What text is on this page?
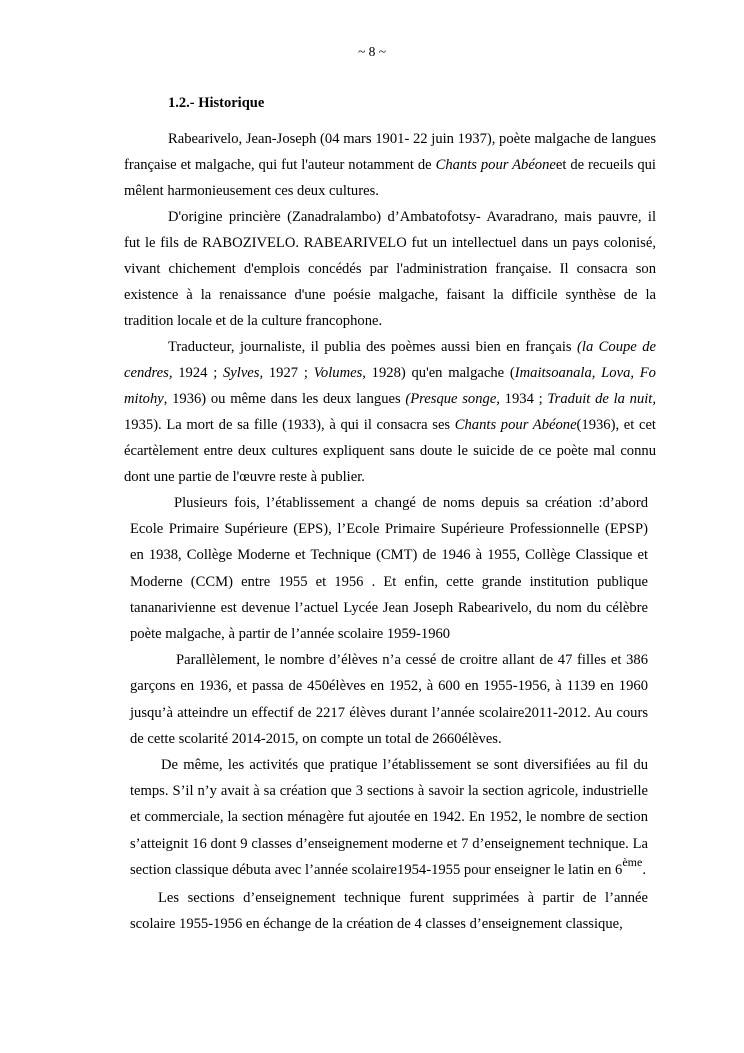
~ 8 ~
1.2.- Historique

Rabearivelo, Jean-Joseph (04 mars 1901- 22 juin 1937), poète malgache de langues française et malgache, qui fut l'auteur notamment de Chants pour Abéoneet de recueils qui mêlent harmonieusement ces deux cultures.

D'origine princière (Zanadralambo) d’Ambatofotsy- Avaradrano, mais pauvre, il fut le fils de RABOZIVELO. RABEARIVELO fut un intellectuel dans un pays colonisé, vivant chichement d'emplois concédés par l'administration française. Il consacra son existence à la renaissance d'une poésie malgache, faisant la difficile synthèse de la tradition locale et de la culture francophone.

Traducteur, journaliste, il publia des poèmes aussi bien en français (la Coupe de cendres, 1924 ; Sylves, 1927 ; Volumes, 1928) qu'en malgache (Imaitsoanala, Lova, Fo mitohy, 1936) ou même dans les deux langues (Presque songe, 1934 ; Traduit de la nuit, 1935). La mort de sa fille (1933), à qui il consacra ses Chants pour Abéone(1936), et cet écartèlement entre deux cultures expliquent sans doute le suicide de ce poète mal connu dont une partie de l'œuvre reste à publier.

Plusieurs fois, l’établissement a changé de noms depuis sa création :d’abord Ecole Primaire Supérieure (EPS), l’Ecole Primaire Supérieure Professionnelle (EPSP) en 1938, Collège Moderne et Technique (CMT) de 1946 à 1955, Collège Classique et Moderne (CCM) entre 1955 et 1956 . Et enfin, cette grande institution publique tananarivienne est devenue l’actuel Lycée Jean Joseph Rabearivelo, du nom du célèbre poète malgache, à partir de l’année scolaire 1959-1960

Parallèlement, le nombre d’élèves n’a cessé de croitre allant de 47 filles et 386 garçons en 1936, et passa de 450élèves en 1952, à 600 en 1955-1956, à 1139 en 1960 jusqu’à atteindre un effectif de 2217 élèves durant l’année scolaire2011-2012. Au cours de cette scolarité 2014-2015, on compte un total de 2660élèves.

De même, les activités que pratique l’établissement se sont diversifiées au fil du temps. S’il n’y avait à sa création que 3 sections à savoir la section agricole, industrielle et commerciale, la section ménagère fut ajoutée en 1942. En 1952, le nombre de section s’atteignit 16 dont 9 classes d’enseignement moderne et 7 d’enseignement technique. La section classique débuta avec l’année scolaire1954-1955 pour enseigner le latin en 6ème.

Les sections d’enseignement technique furent supprimées à partir de l’année scolaire 1955-1956 en échange de la création de 4 classes d’enseignement classique,
